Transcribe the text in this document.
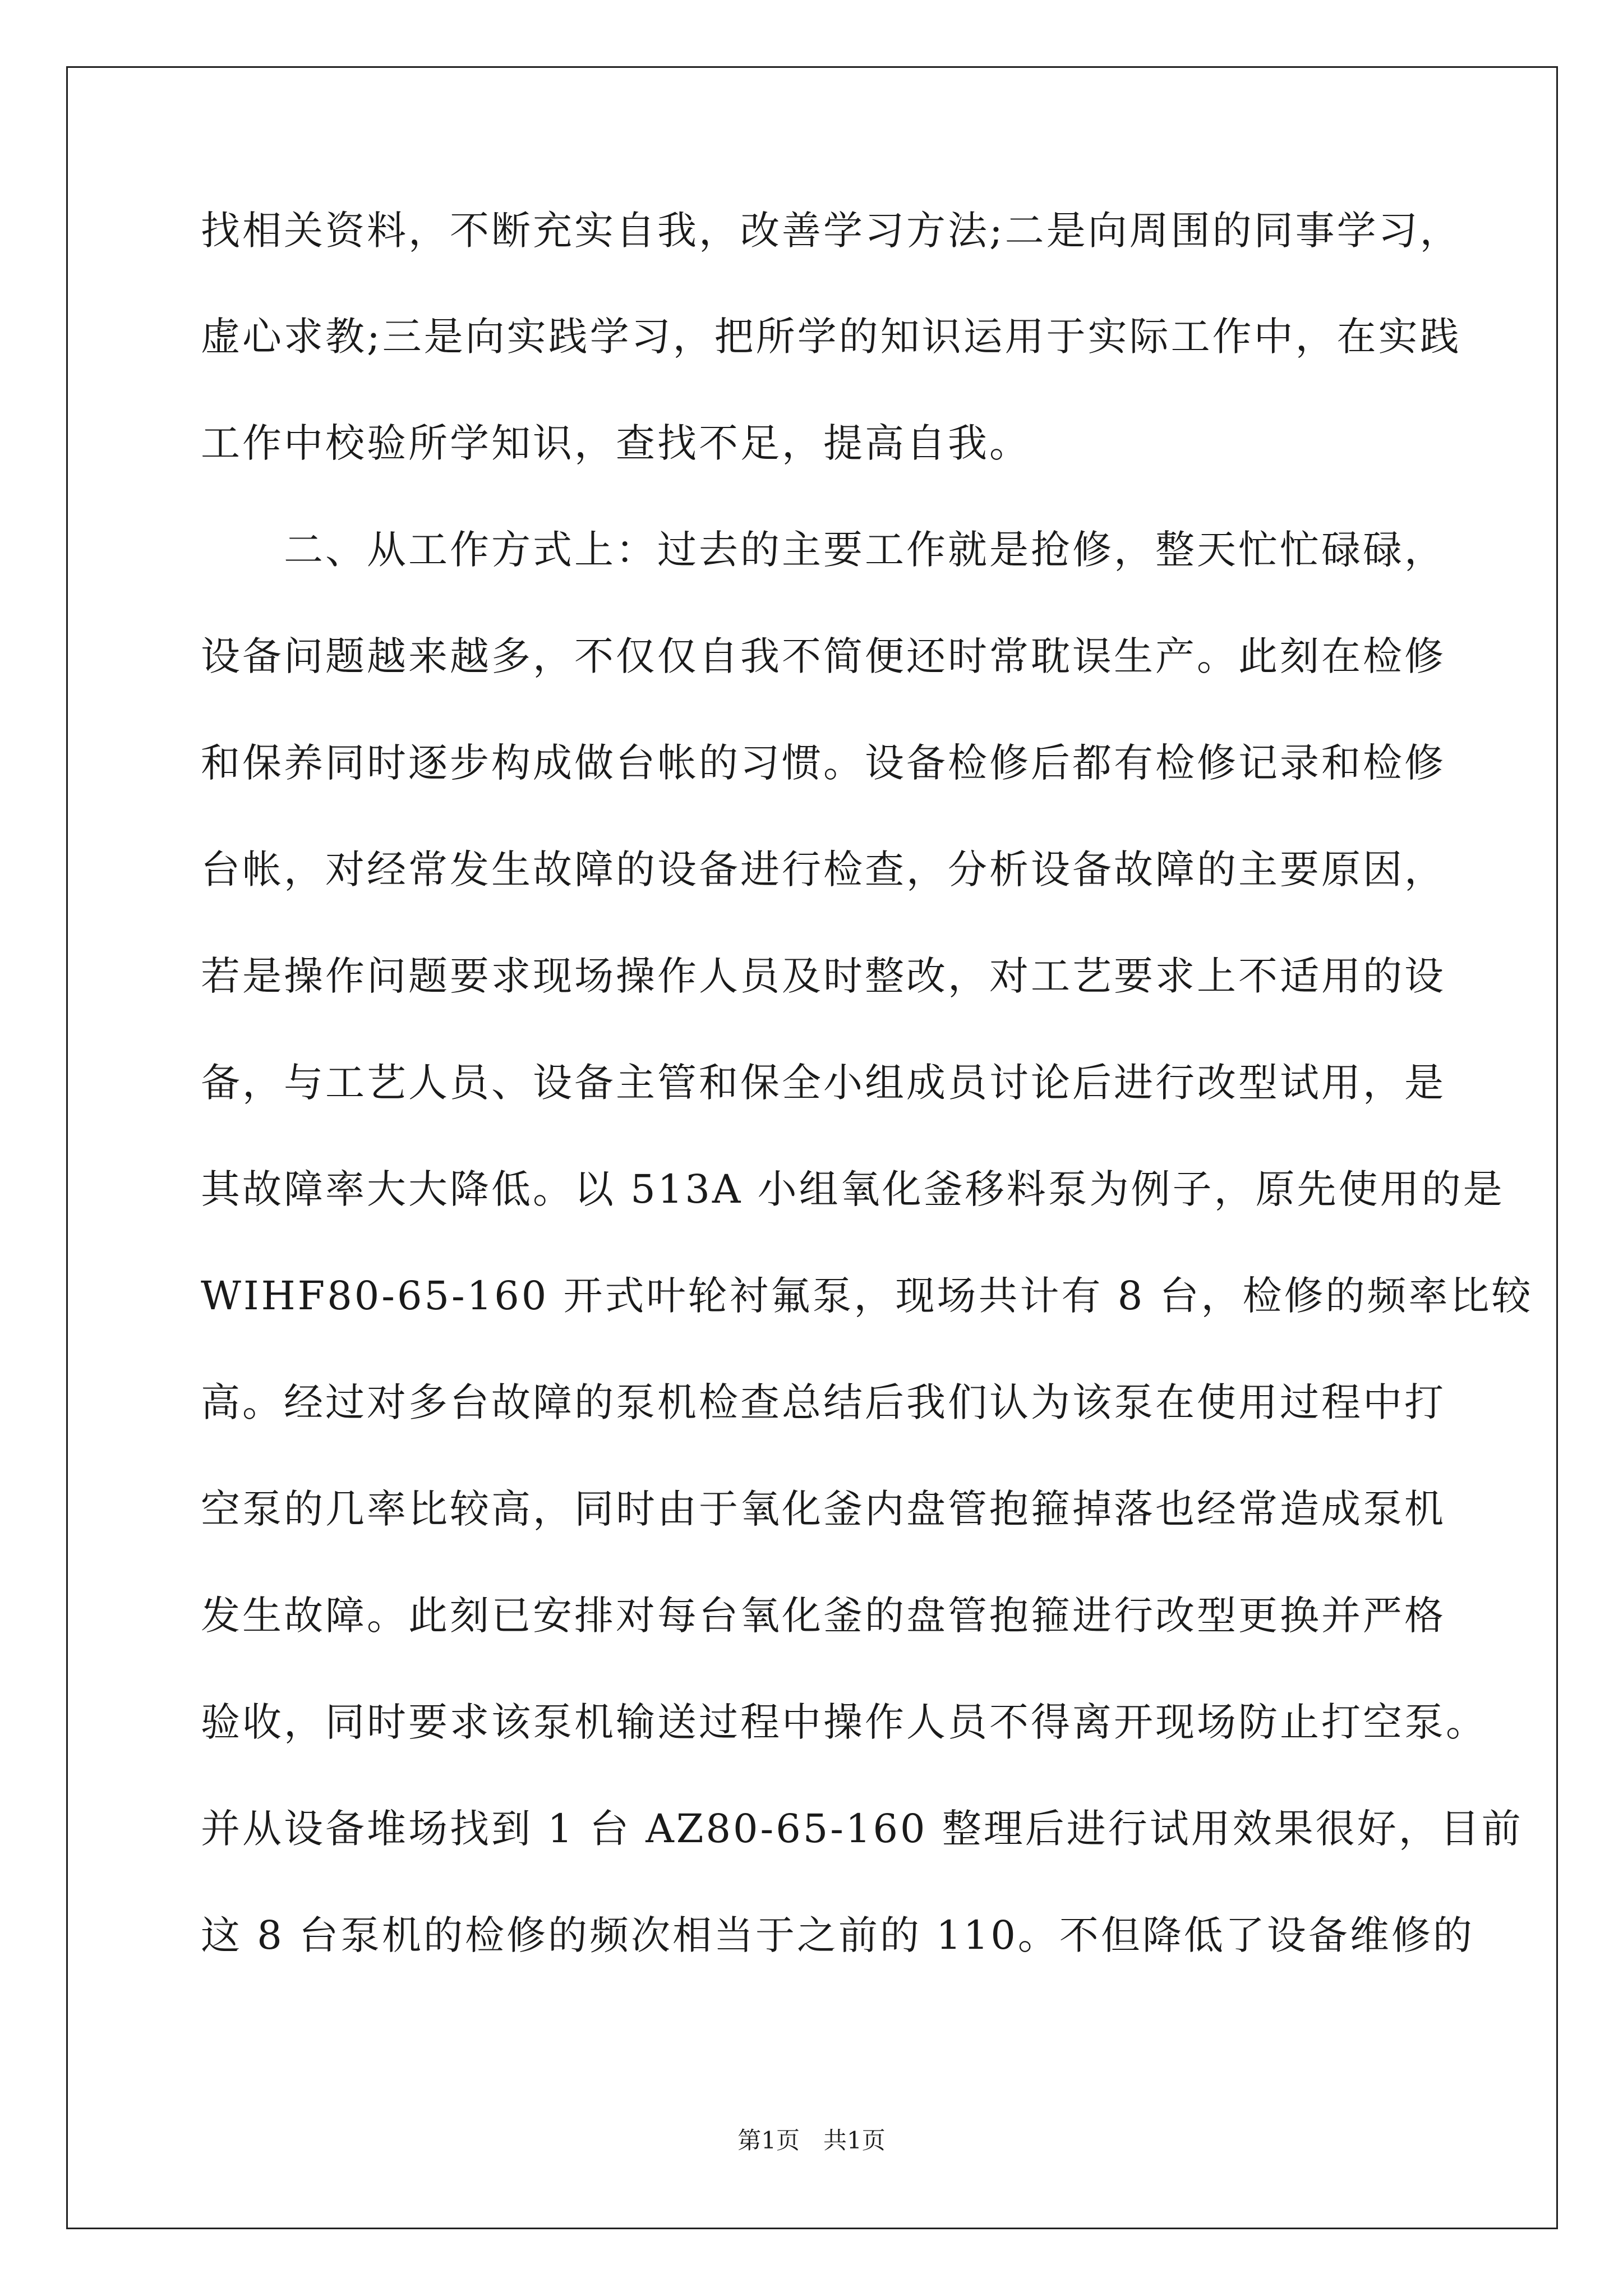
找相关资料，不断充实自我，改善学习方法;二是向周围的同事学习，
虚心求教;三是向实践学习，把所学的知识运用于实际工作中，在实践
工作中校验所学知识，查找不足，提高自我。
　　二、从工作方式上：过去的主要工作就是抢修，整天忙忙碌碌，
设备问题越来越多，不仅仅自我不简便还时常耽误生产。此刻在检修
和保养同时逐步构成做台帐的习惯。设备检修后都有检修记录和检修
台帐，对经常发生故障的设备进行检查，分析设备故障的主要原因，
若是操作问题要求现场操作人员及时整改，对工艺要求上不适用的设
备，与工艺人员、设备主管和保全小组成员讨论后进行改型试用，是
其故障率大大降低。以 513A 小组氧化釜移料泵为例子，原先使用的是
WIHF80-65-160 开式叶轮衬氟泵，现场共计有 8 台，检修的频率比较
高。经过对多台故障的泵机检查总结后我们认为该泵在使用过程中打
空泵的几率比较高，同时由于氧化釜内盘管抱箍掉落也经常造成泵机
发生故障。此刻已安排对每台氧化釜的盘管抱箍进行改型更换并严格
验收，同时要求该泵机输送过程中操作人员不得离开现场防止打空泵。
并从设备堆场找到 1 台 AZ80-65-160 整理后进行试用效果很好，目前
这 8 台泵机的检修的频次相当于之前的 110。不但降低了设备维修的
第1页　共1页
